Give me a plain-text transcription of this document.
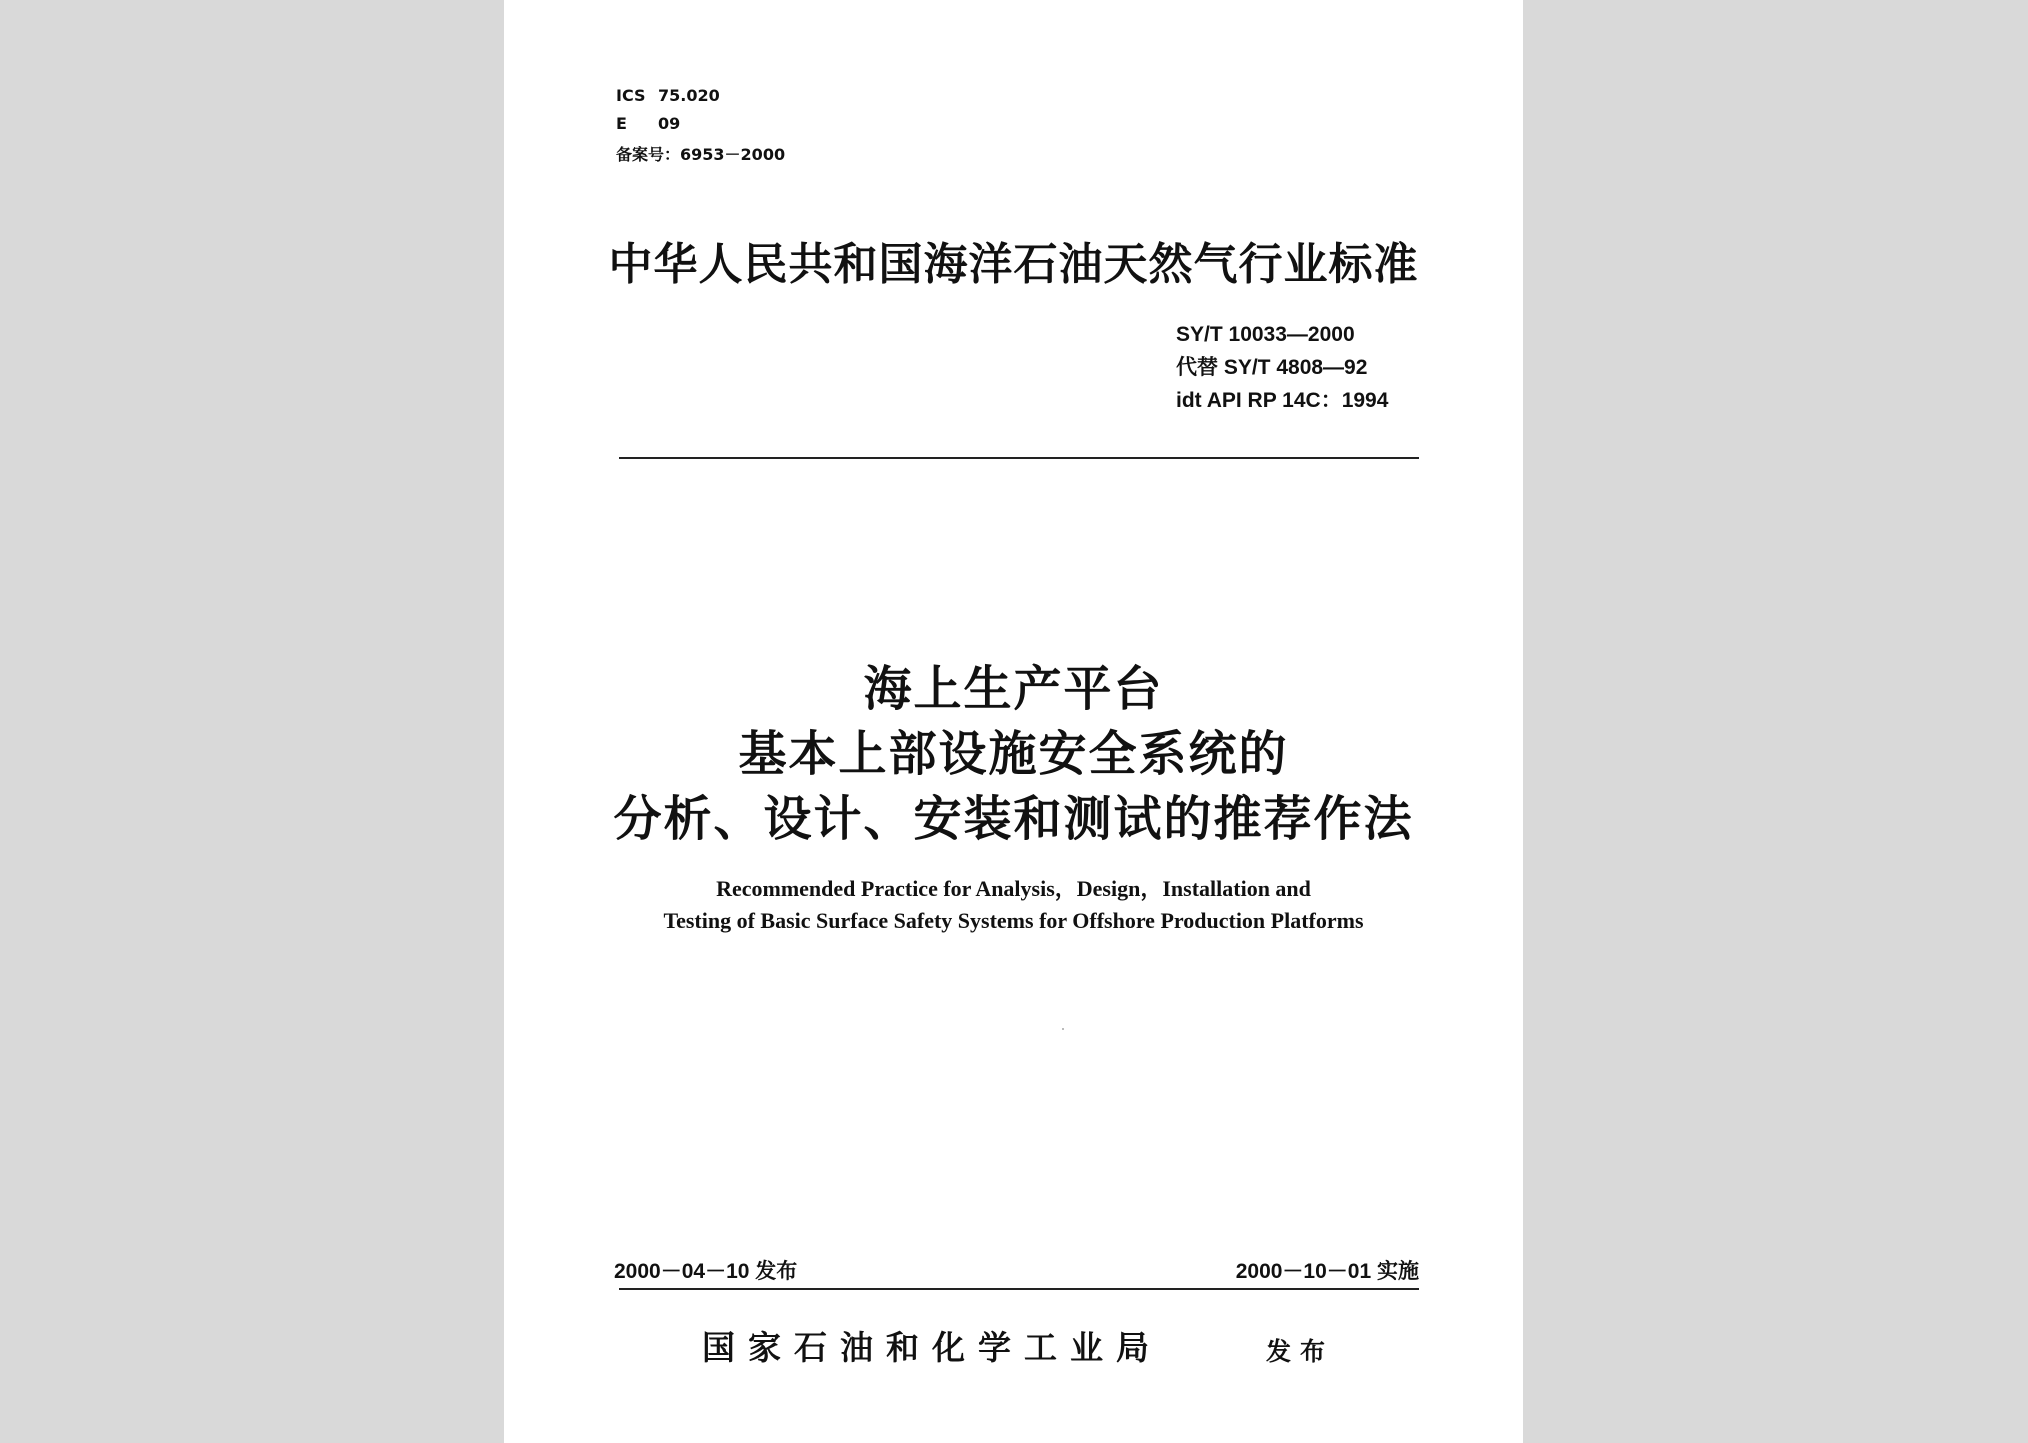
ICS 75.020
E 09
备案号：6953－2000
中华人民共和国海洋石油天然气行业标准
SY/T 10033—2000
代替 SY/T 4808—92
idt API RP 14C：1994
海上生产平台
基本上部设施安全系统的
分析、设计、安装和测试的推荐作法
Recommended Practice for Analysis，Design，Installation and
Testing of Basic Surface Safety Systems for Offshore Production Platforms
2000－04－10 发布	2000－10－01 实施
国家石油和化学工业局	发布
